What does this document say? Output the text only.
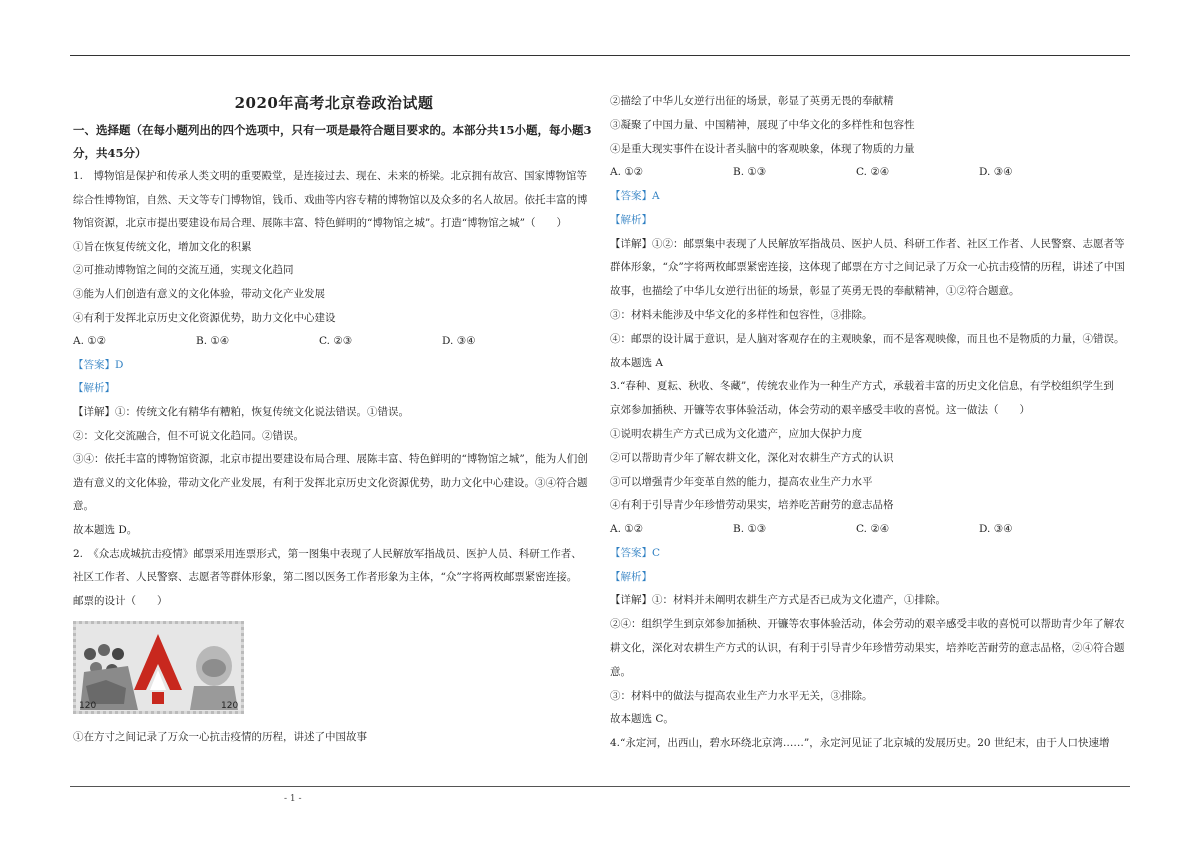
2020年高考北京卷政治试题
一、选择题（在每小题列出的四个选项中，只有一项是最符合题目要求的。本部分共15小题，每小题3分，共45分）

1.　博物馆是保护和传承人类文明的重要殿堂，是连接过去、现在、未来的桥梁。北京拥有故宫、国家博物馆等

综合性博物馆，自然、天文等专门博物馆，钱币、戏曲等内容专精的博物馆以及众多的名人故居。依托丰富的博

物馆资源，北京市提出要建设布局合理、展陈丰富、特色鲜明的“博物馆之城”。打造“博物馆之城”（　　）

①旨在恢复传统文化，增加文化的积累

②可推动博物馆之间的交流互通，实现文化趋同

③能为人们创造有意义的文化体验，带动文化产业发展

④有利于发挥北京历史文化资源优势，助力文化中心建设

A. ①②	B. ①④	C. ②③	D. ③④

【答案】D

【解析】

【详解】①：传统文化有精华有糟粕，恢复传统文化说法错误。①错误。

②：文化交流融合，但不可说文化趋同。②错误。

③④：依托丰富的博物馆资源，北京市提出要建设布局合理、展陈丰富、特色鲜明的“博物馆之城”，能为人们创

造有意义的文化体验，带动文化产业发展，有利于发挥北京历史文化资源优势，助力文化中心建设。③④符合题

意。

故本题选 D。

2.　《众志成城抗击疫情》邮票采用连票形式，第一图集中表现了人民解放军指战员、医护人员、科研工作者、

社区工作者、人民警察、志愿者等群体形象，第二图以医务工作者形象为主体，“众”字将两枚邮票紧密连接。

邮票的设计（　　）

120	120

①在方寸之间记录了万众一心抗击疫情的历程，讲述了中国故事

②描绘了中华儿女逆行出征的场景，彰显了英勇无畏的奉献精

③凝聚了中国力量、中国精神，展现了中华文化的多样性和包容性

④是重大现实事件在设计者头脑中的客观映象，体现了物质的力量

A. ①②	B. ①③	C. ②④	D. ③④

【答案】A

【解析】

【详解】①②：邮票集中表现了人民解放军指战员、医护人员、科研工作者、社区工作者、人民警察、志愿者等

群体形象，“众”字将两枚邮票紧密连接，这体现了邮票在方寸之间记录了万众一心抗击疫情的历程，讲述了中国

故事，也描绘了中华儿女逆行出征的场景，彰显了英勇无畏的奉献精神，①②符合题意。

③：材料未能涉及中华文化的多样性和包容性，③排除。

④：邮票的设计属于意识，是人脑对客观存在的主观映象，而不是客观映像，而且也不是物质的力量，④错误。

故本题选 A

3.“春种、夏耘、秋收、冬藏”，传统农业作为一种生产方式，承载着丰富的历史文化信息，有学校组织学生到

京郊参加插秧、开镰等农事体验活动，体会劳动的艰辛感受丰收的喜悦。这一做法（　　）

①说明农耕生产方式已成为文化遗产，应加大保护力度

②可以帮助青少年了解农耕文化，深化对农耕生产方式的认识

③可以增强青少年变革自然的能力，提高农业生产力水平

④有利于引导青少年珍惜劳动果实，培养吃苦耐劳的意志品格

A. ①②	B. ①③	C. ②④	D. ③④

【答案】C

【解析】

【详解】①：材料并未阐明农耕生产方式是否已成为文化遗产，①排除。

②④：组织学生到京郊参加插秧、开镰等农事体验活动，体会劳动的艰辛感受丰收的喜悦可以帮助青少年了解农

耕文化，深化对农耕生产方式的认识，有利于引导青少年珍惜劳动果实，培养吃苦耐劳的意志品格，②④符合题

意。

③：材料中的做法与提高农业生产力水平无关，③排除。

故本题选 C。

4.“永定河，出西山，碧水环绕北京湾……”，永定河见证了北京城的发展历史。20 世纪末，由于人口快速增

- 1 -
